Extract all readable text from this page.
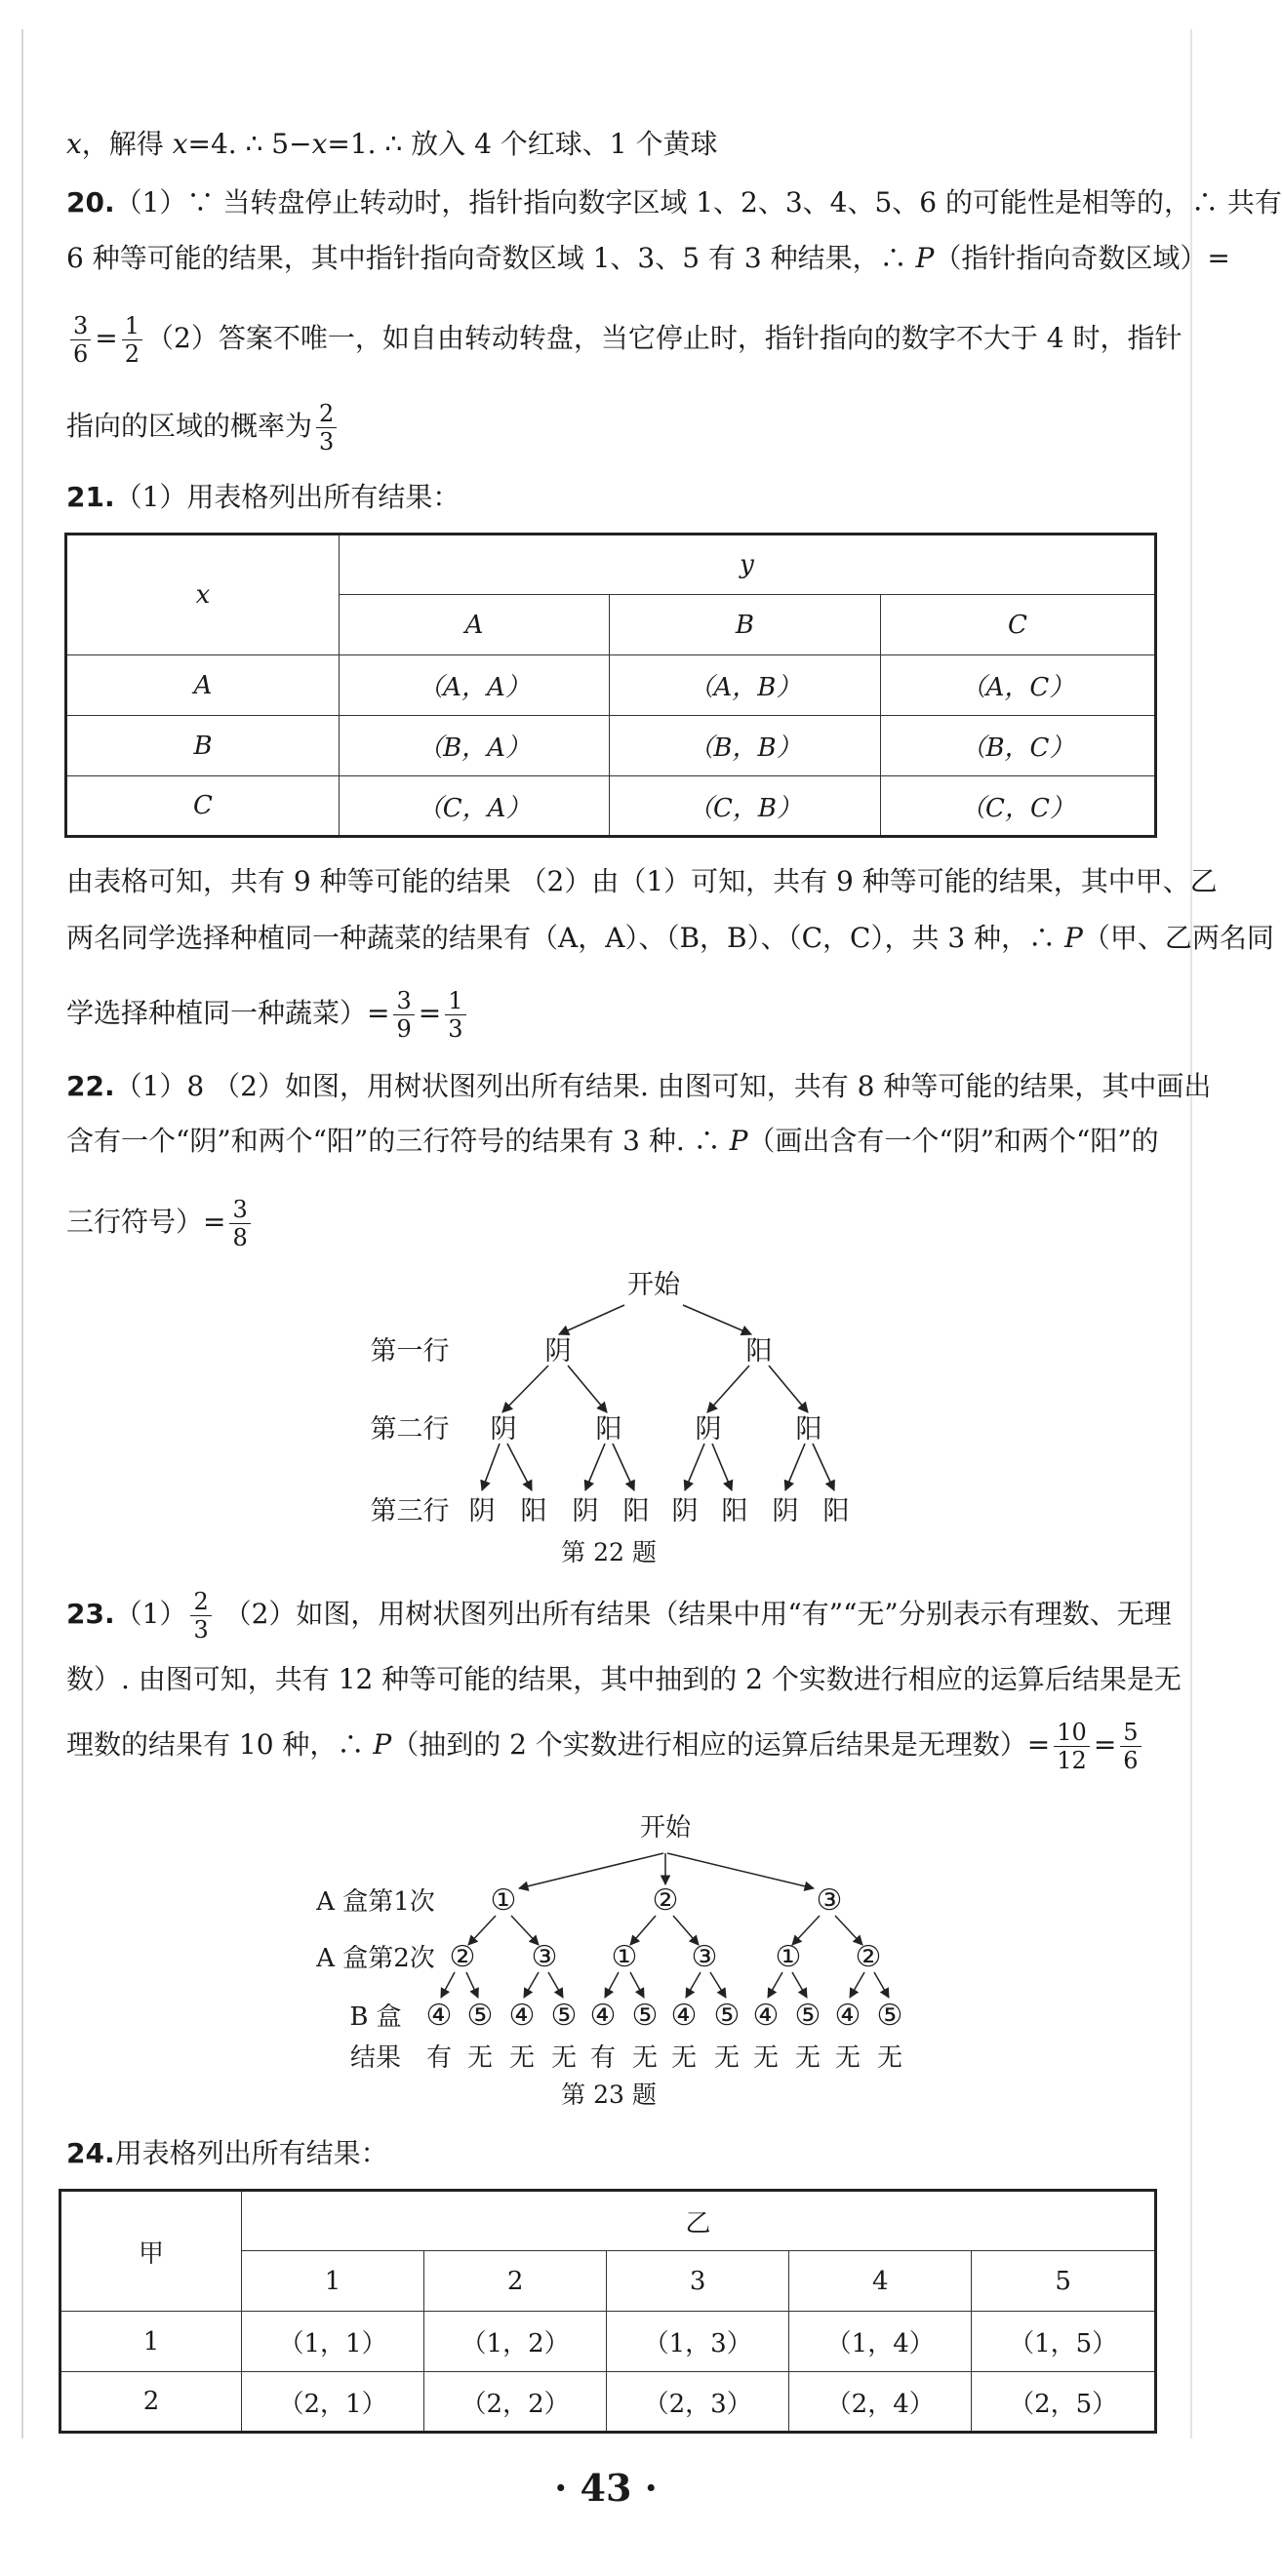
x，解得 x=4. ∴ 5−x=1. ∴ 放入 4 个红球、1 个黄球
20.（1）∵ 当转盘停止转动时，指针指向数字区域 1、2、3、4、5、6 的可能性是相等的，∴ 共有
6 种等可能的结果，其中指针指向奇数区域 1、3、5 有 3 种结果，∴ P（指针指向奇数区域）=
$\frac{3}{6} = \frac{1}{2} (2)$答案不唯一，如自由转动转盘，当它停止时，指针指向的数字不大于 4 时，指针
指向的区域的概率为 $\frac{2}{3}$
21.（1）用表格列出所有结果：
x	y		
	A	B	C
A	（A，A）	（A，B）	（A，C）
B	（B，A）	（B，B）	（B，C）
C	（C，A）	（C，B）	（C，C）
由表格可知，共有 9 种等可能的结果 （2）由（1）可知，共有 9 种等可能的结果，其中甲、乙
两名同学选择种植同一种蔬菜的结果有（A，A）、（B，B）、（C，C），共 3 种，∴ P（甲、乙两名同
学选择种植同一种蔬菜）= $\frac{3}{9} = \frac{1}{3}$
22.（1）8 （2）如图，用树状图列出所有结果. 由图可知，共有 8 种等可能的结果，其中画出
含有一个“阴”和两个“阳”的三行符号的结果有 3 种. ∴ P（画出含有一个“阴”和两个“阳”的
三行符号）= $\frac{3}{8}$
开始
第一行
第二行
第三行
阴	阳
阴	阳	阴	阳
阴 阳 阴 阳 阴 阳 阴 阳
第 22 题
$23.(1) \frac{2}{3} (2)$如图，用树状图列出所有结果（结果中用“有”“无”分别表示有理数、无理
数）. 由图可知，共有 12 种等可能的结果，其中抽到的 2 个实数进行相应的运算后结果是无
理数的结果有 10 种，∴ P（抽到的 2 个实数进行相应的运算后结果是无理数）= $\frac{10}{12} = \frac{5}{6}$
开始
A 盒第1次
A 盒第2次
B 盒
结果
①	②	③
② ③ ① ③ ① ②
④ ⑤ ④ ⑤ ④ ⑤ ④ ⑤ ④ ⑤ ④ ⑤
有 无 无 无 有 无 无 无 无 无 无 无
第 23 题
24.用表格列出所有结果：
甲	乙				
	1	2	3	4	5
1	（1，1）	（1，2）	（1，3）	（1，4）	（1，5）
2	（2，1）	（2，2）	（2，3）	（2，4）	（2，5）
· 43 ·
